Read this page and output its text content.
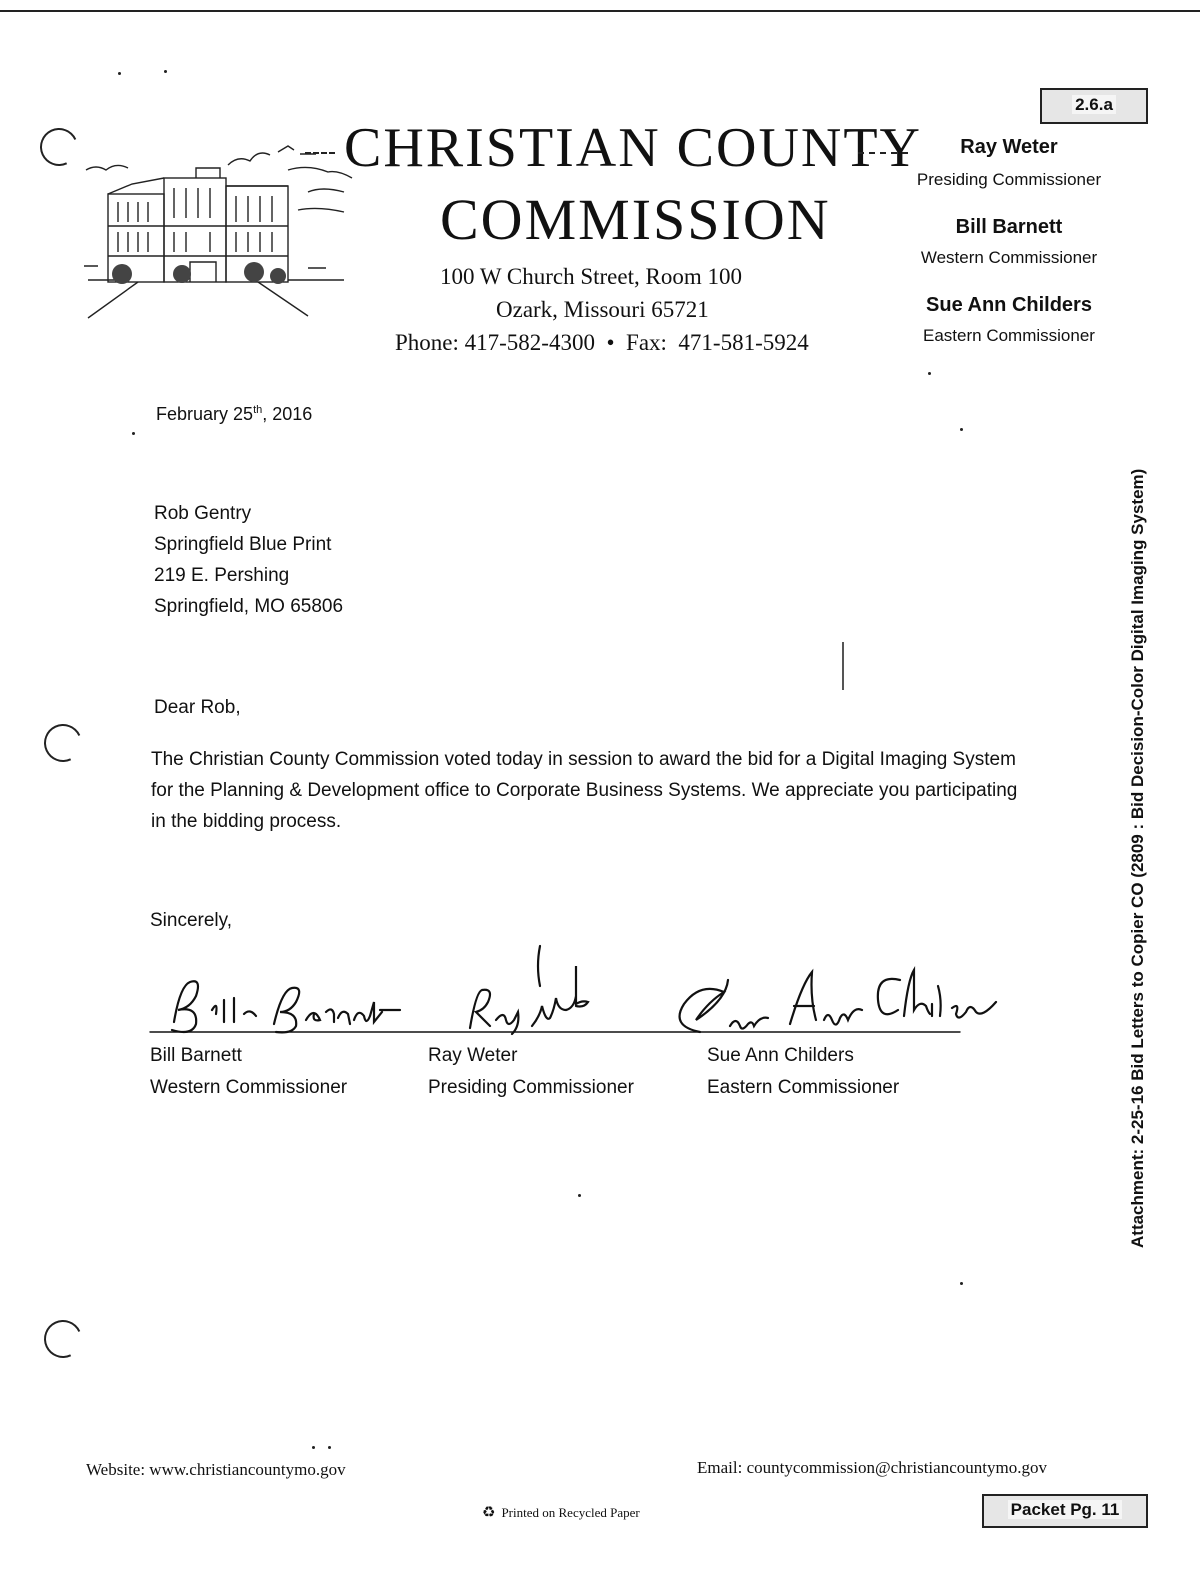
2.6.a
CHRISTIAN COUNTY
COMMISSION
100 W Church Street, Room 100
Ozark, Missouri 65721
Phone: 417-582-4300 • Fax: 471-581-5924
Ray Weter
Presiding Commissioner
Bill Barnett
Western Commissioner
Sue Ann Childers
Eastern Commissioner
February 25th, 2016
Rob Gentry
Springfield Blue Print
219 E. Pershing
Springfield, MO 65806
Dear Rob,
The Christian County Commission voted today in session to award the bid for a Digital Imaging System for the Planning & Development office to Corporate Business Systems. We appreciate you participating in the bidding process.
Sincerely,
Bill Barnett
Western Commissioner
Ray Weter
Presiding Commissioner
Sue Ann Childers
Eastern Commissioner	Attachment: 2-25-16 Bid Letters to Copier CO (2809 : Bid Decision-Color Digital Imaging System)
Website: www.christiancountymo.gov	Email: countycommission@christiancountymo.gov
♻ Printed on Recycled Paper	Packet Pg. 11
